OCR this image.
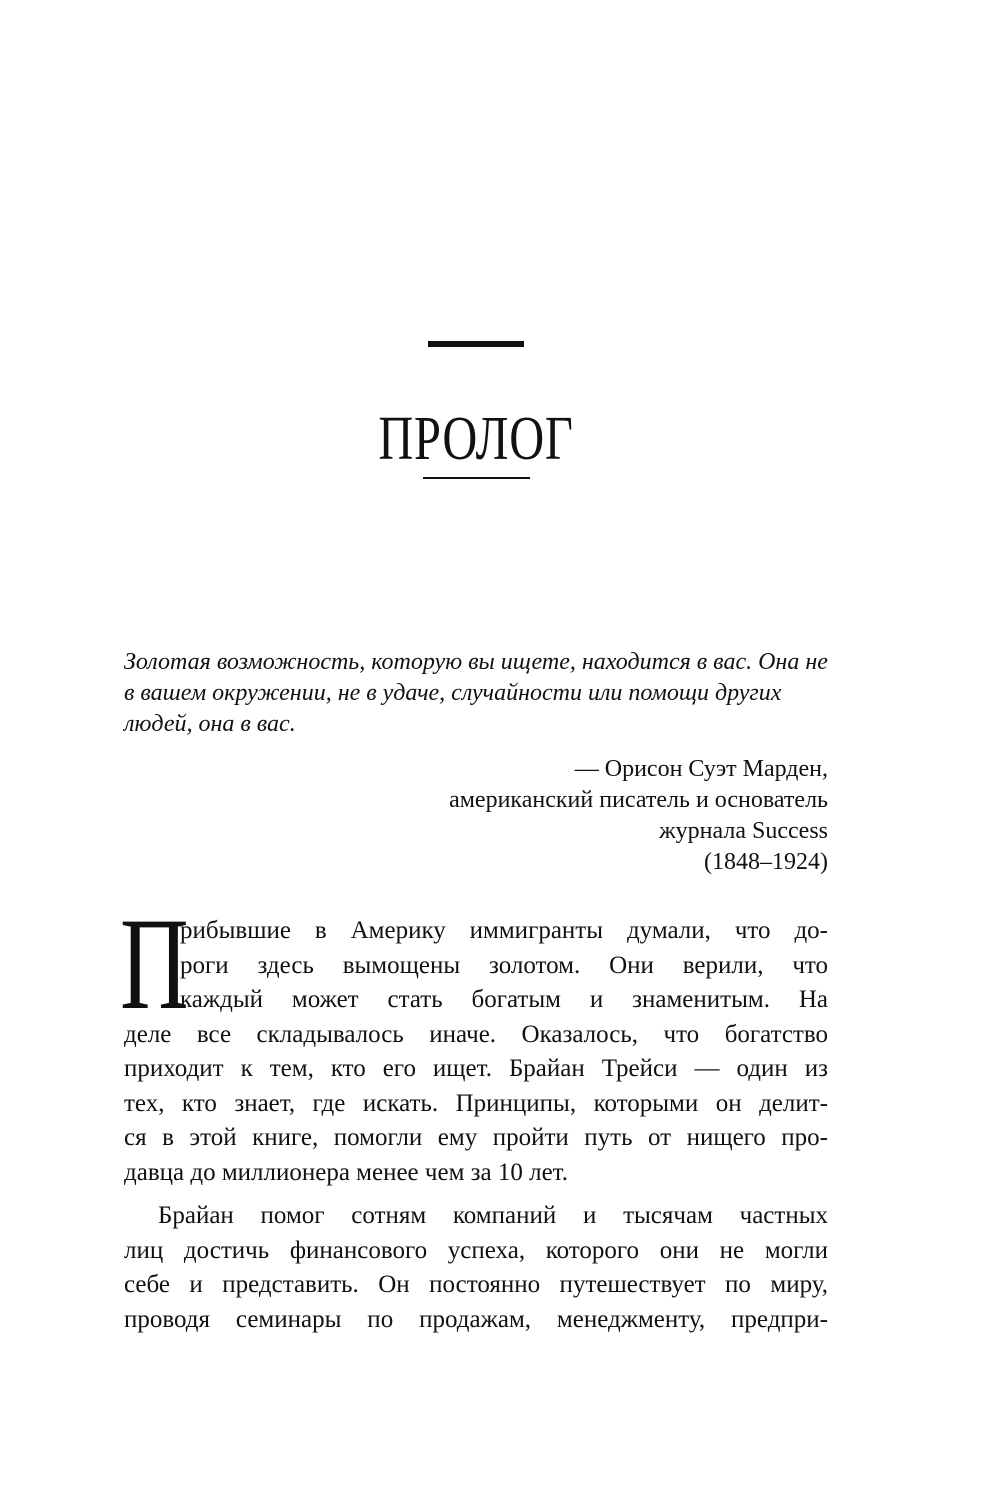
ПРОЛОГ

Золотая возможность, которую вы ищете, находится в вас. Она не в вашем окружении, не в удаче, случайности или помощи других людей, она в вас.

— Орисон Суэт Марден,
американский писатель и основатель
журнала Success
(1848–1924)
П
рибывшие в Америку иммигранты думали, что до-
роги здесь вымощены золотом. Они верили, что
каждый может стать богатым и знаменитым. На
деле все складывалось иначе. Оказалось, что богатство
приходит к тем, кто его ищет. Брайан Трейси — один из
тех, кто знает, где искать. Принципы, которыми он делит-
ся в этой книге, помогли ему пройти путь от нищего про-
давца до миллионера менее чем за 10 лет.
Брайан помог сотням компаний и тысячам частных
лиц достичь финансового успеха, которого они не могли
себе и представить. Он постоянно путешествует по миру,
проводя семинары по продажам, менеджменту, предпри-
